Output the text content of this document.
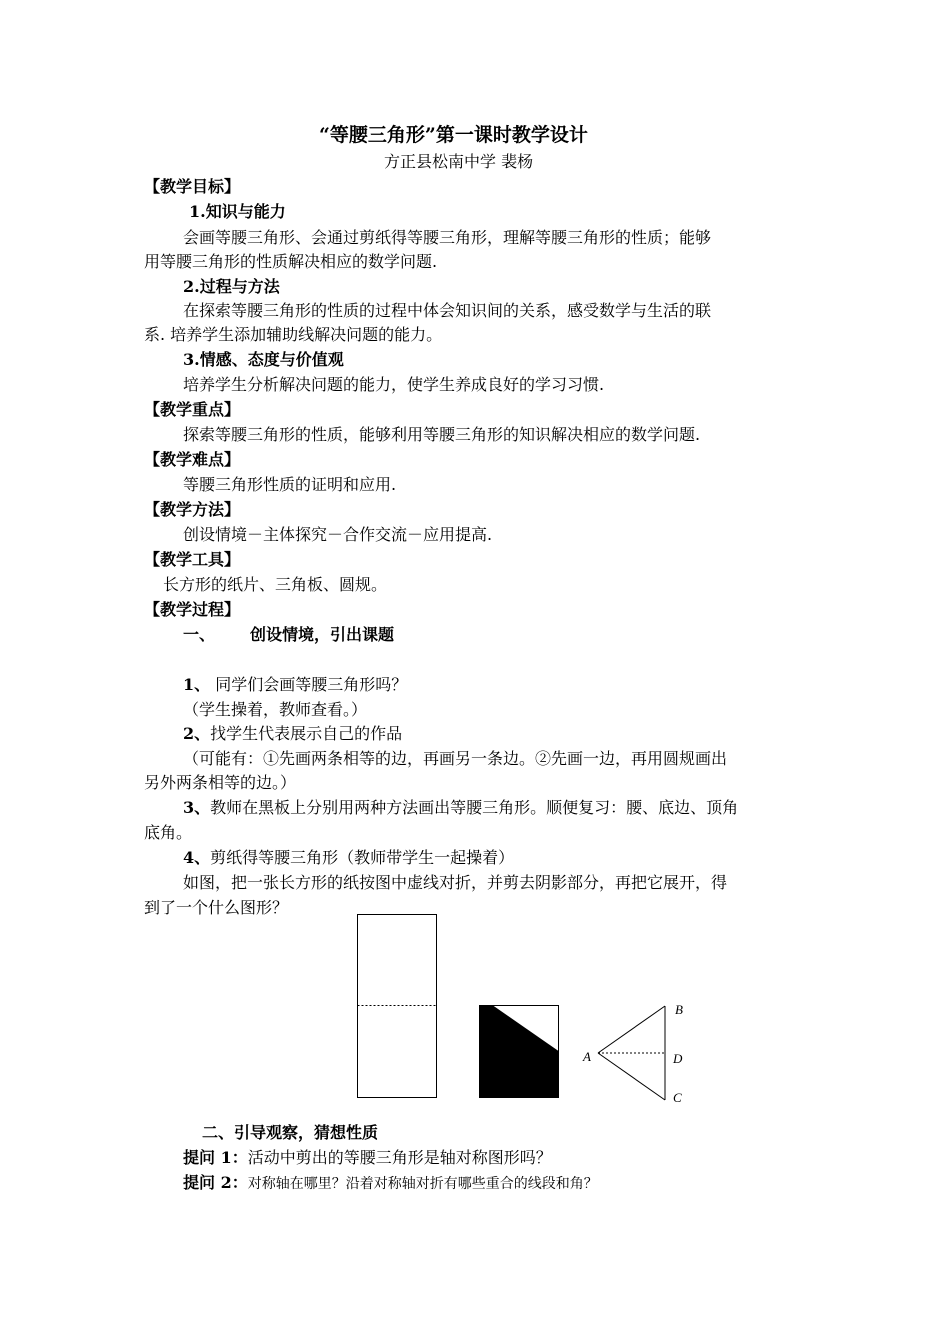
“等腰三角形”第一课时教学设计
方正县松南中学 裴杨
【教学目标】
1.知识与能力
会画等腰三角形、会通过剪纸得等腰三角形，理解等腰三角形的性质；能够
用等腰三角形的性质解决相应的数学问题.
2.过程与方法
在探索等腰三角形的性质的过程中体会知识间的关系，感受数学与生活的联
系. 培养学生添加辅助线解决问题的能力。
3.情感、态度与价值观
培养学生分析解决问题的能力，使学生养成良好的学习习惯.
【教学重点】
探索等腰三角形的性质，能够利用等腰三角形的知识解决相应的数学问题.
【教学难点】
等腰三角形性质的证明和应用.
【教学方法】
创设情境－主体探究－合作交流－应用提高.
【教学工具】
长方形的纸片、三角板、圆规。
【教学过程】
一、 创设情境，引出课题
1、 同学们会画等腰三角形吗？
（学生操着，教师查看。）
2、找学生代表展示自己的作品
（可能有：①先画两条相等的边，再画另一条边。②先画一边，再用圆规画出
另外两条相等的边。）
3、教师在黑板上分别用两种方法画出等腰三角形。顺便复习：腰、底边、顶角
底角。
4、剪纸得等腰三角形（教师带学生一起操着）
如图，把一张长方形的纸按图中虚线对折，并剪去阴影部分，再把它展开，得
到了一个什么图形？
A
B
D
C
二、引导观察，猜想性质
提问 1：活动中剪出的等腰三角形是轴对称图形吗？
提问 2：对称轴在哪里？沿着对称轴对折有哪些重合的线段和角？
